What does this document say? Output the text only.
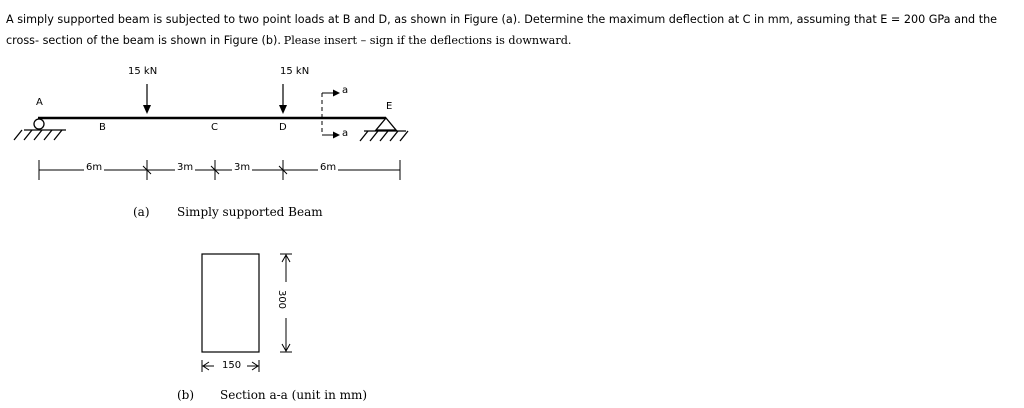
A simply supported beam is subjected to two point loads at B and D, as shown in Figure (a). Determine the maximum deflection at C in mm, assuming that E = 200 GPa and the
cross- section of the beam is shown in Figure (b). Please insert – sign if the deflections is downward.
6m	3m	3m	6m
15 kN	15 kN
A
B	C	D
E
a
a
(a) Simply supported Beam
300
150
(b) Section a-a (unit in mm)
